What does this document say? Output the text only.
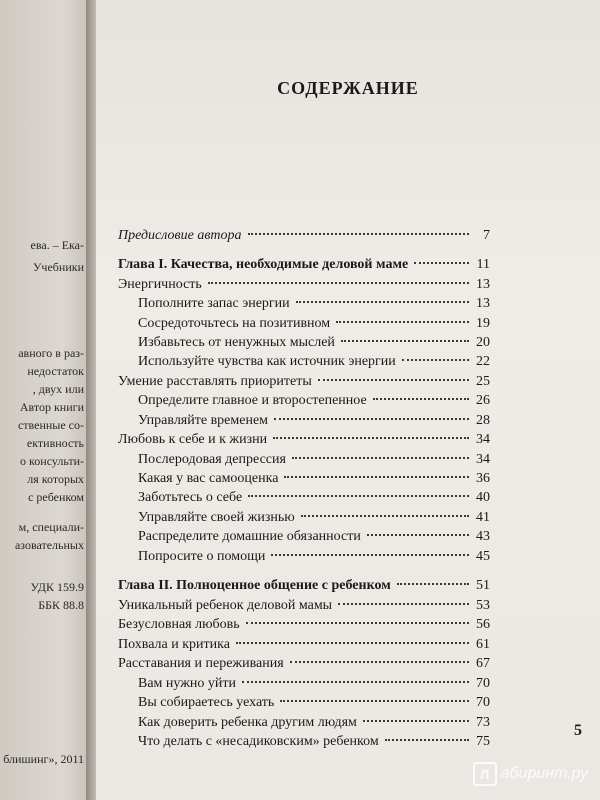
ева. – Ека-
Учебники
авного в раз-
недостаток
, двух или
Автор книги
ственные со-
ективность
о консульти-
ля которых
с ребенком
м, специали-
азовательных
УДК 159.9
ББК 88.8
блишинг», 2011
СОДЕРЖАНИЕ
Предисловие автора	7
Глава I. Качества, необходимые деловой маме	11
Энергичность	13
Пополните запас энергии	13
Сосредоточьтесь на позитивном	19
Избавьтесь от ненужных мыслей	20
Используйте чувства как источник энергии	22
Умение расставлять приоритеты	25
Определите главное и второстепенное	26
Управляйте временем	28
Любовь к себе и к жизни	34
Послеродовая депрессия	34
Какая у вас самооценка	36
Заботьтесь о себе	40
Управляйте своей жизнью	41
Распределите домашние обязанности	43
Попросите о помощи	45
Глава II. Полноценное общение с ребенком	51
Уникальный ребенок деловой мамы	53
Безусловная любовь	56
Похвала и критика	61
Расставания и переживания	67
Вам нужно уйти	70
Вы собираетесь уехать	70
Как доверить ребенка другим людям	73
Что делать с «несадиковским» ребенком	75
5
Л абиринт.ру
